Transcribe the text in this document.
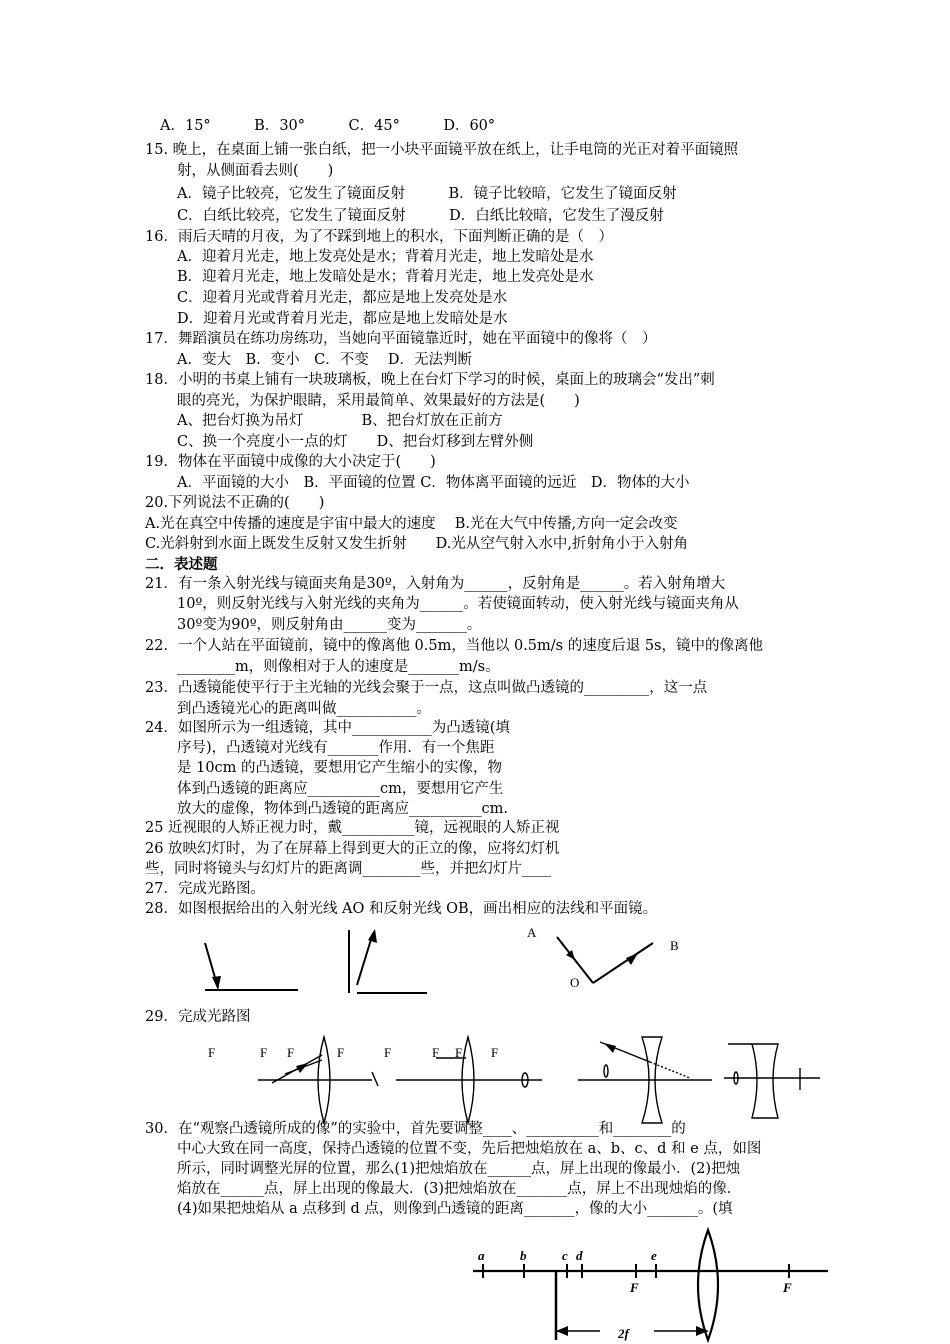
A．15°　　　B．30°　　　C．45°　　　D．60°
15. 晚上，在桌面上铺一张白纸，把一小块平面镜平放在纸上，让手电筒的光正对着平面镜照
射，从侧面看去则(　　)
A．镜子比较亮，它发生了镜面反射　　　B．镜子比较暗，它发生了镜面反射
C．白纸比较亮，它发生了镜面反射　　　D．白纸比较暗，它发生了漫反射
16．雨后天晴的月夜，为了不踩到地上的积水，下面判断正确的是（　）
A．迎着月光走，地上发亮处是水；背着月光走，地上发暗处是水
B．迎着月光走，地上发暗处是水；背着月光走，地上发亮处是水
C．迎着月光或背着月光走，都应是地上发亮处是水
D．迎着月光或背着月光走，都应是地上发暗处是水
17．舞蹈演员在练功房练功，当她向平面镜靠近时，她在平面镜中的像将（　）
A．变大　B．变小　C．不变　 D．无法判断
18．小明的书桌上铺有一块玻璃板，晚上在台灯下学习的时候，桌面上的玻璃会“发出”刺
眼的亮光，为保护眼睛，采用最简单、效果最好的方法是(　　)
A、把台灯换为吊灯　　　　B、把台灯放在正前方
C、换一个亮度小一点的灯　　D、把台灯移到左臂外侧
19．物体在平面镜中成像的大小决定于(　　)
A．平面镜的大小　B．平面镜的位置 C．物体离平面镜的远近　D．物体的大小
20.下列说法不正确的(　　)
A.光在真空中传播的速度是宇宙中最大的速度　 B.光在大气中传播,方向一定会改变
C.光斜射到水面上既发生反射又发生折射　　D.光从空气射入水中,折射角小于入射角
二．表述题
21．有一条入射光线与镜面夹角是30º，入射角为______，反射角是______。若入射角增大
10º，则反射光线与入射光线的夹角为______。若使镜面转动，使入射光线与镜面夹角从
30º变为90º，则反射角由______变为_______。
22．一个人站在平面镜前，镜中的像离他 0.5m，当他以 0.5m/s 的速度后退 5s，镜中的像离他
________m，则像相对于人的速度是_______m/s。
23．凸透镜能使平行于主光轴的光线会聚于一点，这点叫做凸透镜的_________，这一点
到凸透镜光心的距离叫做___________。
24．如图所示为一组透镜，其中___________为凸透镜(填
序号)，凸透镜对光线有_______作用．有一个焦距
是 10cm 的凸透镜，要想用它产生缩小的实像，物
体到凸透镜的距离应__________cm，要想用它产生
放大的虚像，物体到凸透镜的距离应__________cm.
25 近视眼的人矫正视力时，戴__________镜，远视眼的人矫正视
26 放映幻灯时，为了在屏幕上得到更大的正立的像，应将幻灯机
些，同时将镜头与幻灯片的距离调________些，并把幻灯片____
27．完成光路图。
28．如图根据给出的入射光线 AO 和反射光线 OB，画出相应的法线和平面镜。
29．完成光路图
30．在“观察凸透镜所成的像”的实验中，首先要调整____、__________和________的
中心大致在同一高度，保持凸透镜的位置不变，先后把烛焰放在 a、b、c、d 和 e 点，如图
所示，同时调整光屏的位置，那么(1)把烛焰放在______点，屏上出现的像最小．(2)把烛
焰放在______点，屏上出现的像最大．(3)把烛焰放在_______点，屏上不出现烛焰的像．
(4)如果把烛焰从 a 点移到 d 点，则像到凸透镜的距离_______，像的大小_______。(填
A
O
B
F	F F	F	F	F F F
a	b	c d	e
F	F
2f
